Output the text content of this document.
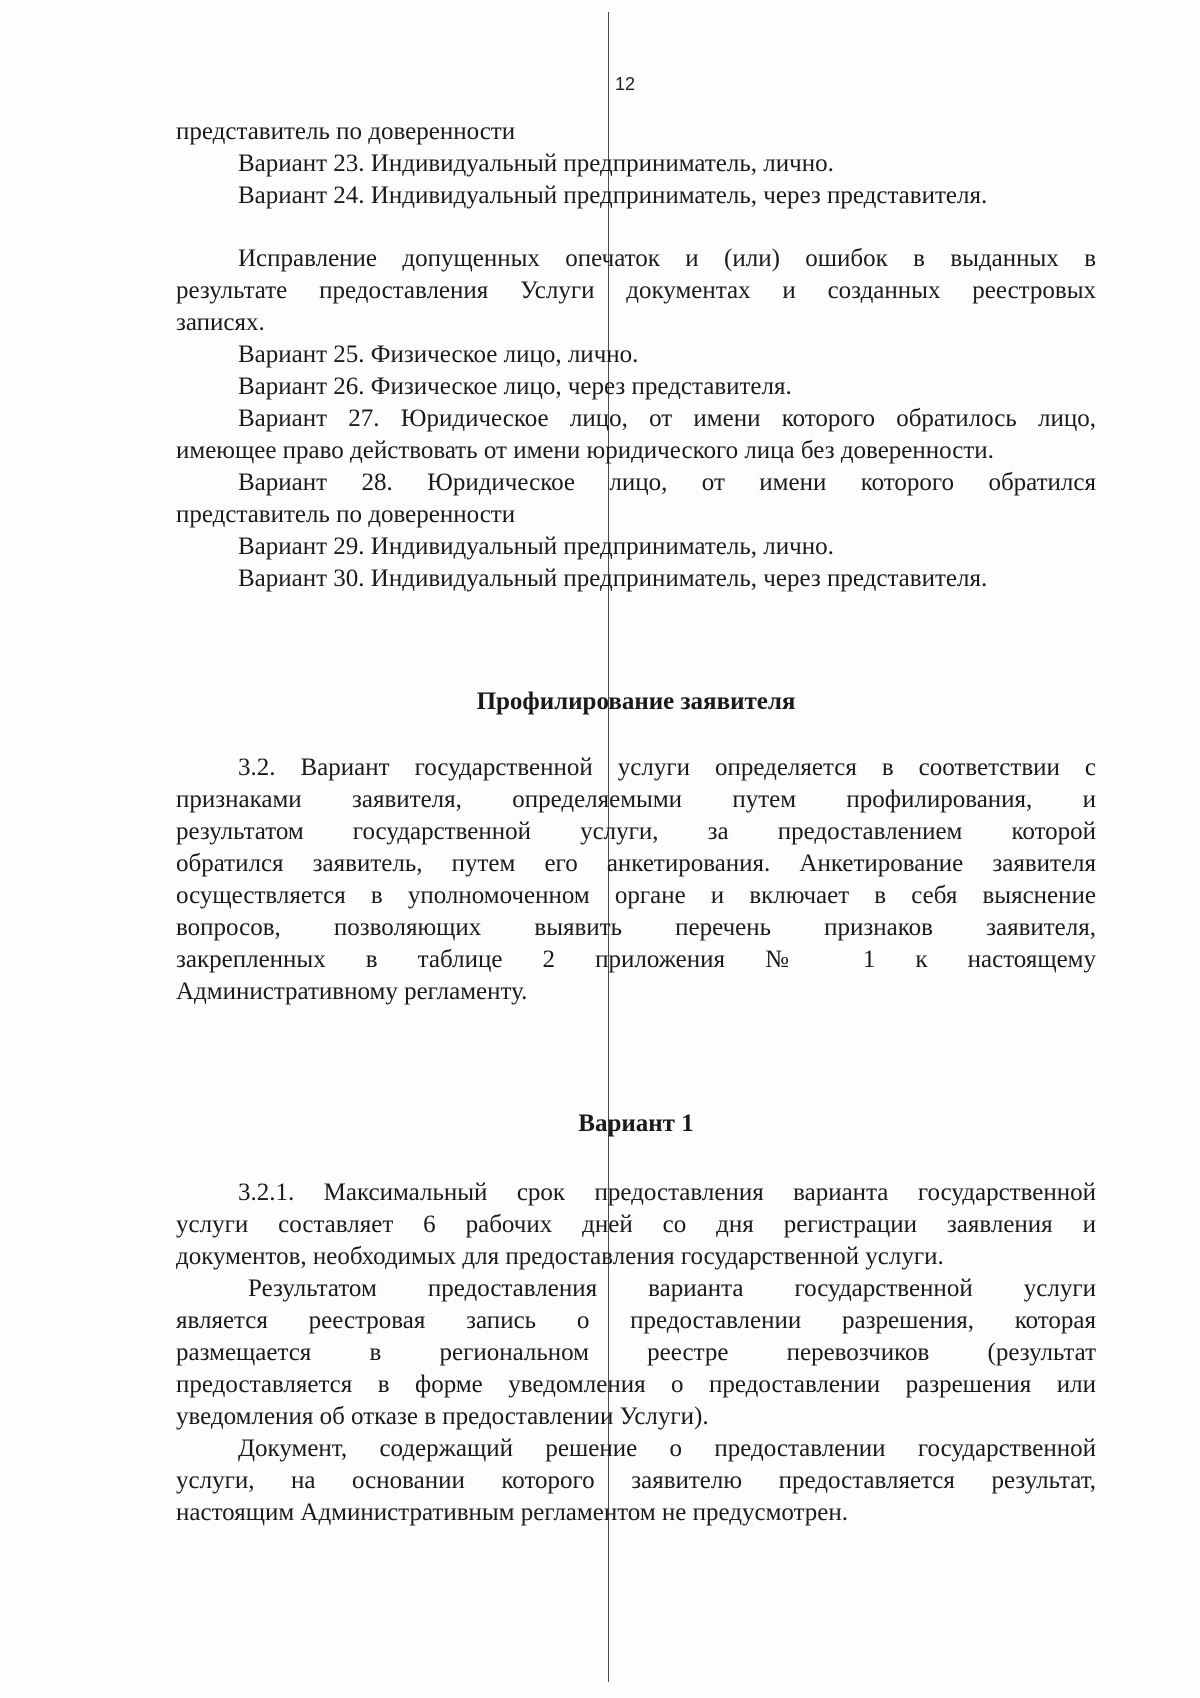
12
представитель по доверенности
Вариант 23. Индивидуальный предприниматель, лично.
Вариант 24. Индивидуальный предприниматель, через представителя.
Исправление допущенных опечаток и (или) ошибок в выданных в
результате предоставления Услуги документах и созданных реестровых
записях.
Вариант 25. Физическое лицо, лично.
Вариант 26. Физическое лицо, через представителя.
Вариант 27. Юридическое лицо, от имени которого обратилось лицо,
имеющее право действовать от имени юридического лица без доверенности.
Вариант 28. Юридическое лицо, от имени которого обратился
представитель по доверенности
Вариант 29. Индивидуальный предприниматель, лично.
Вариант 30. Индивидуальный предприниматель, через представителя.
Профилирование заявителя
3.2. Вариант государственной услуги определяется в соответствии с
признаками заявителя, определяемыми путем профилирования, и
результатом государственной услуги, за предоставлением которой
обратился заявитель, путем его анкетирования. Анкетирование заявителя
осуществляется в уполномоченном органе и включает в себя выяснение
вопросов, позволяющих выявить перечень признаков заявителя,
закрепленных в таблице 2 приложения № 1 к настоящему
Административному регламенту.
Вариант 1
3.2.1. Максимальный срок предоставления варианта государственной
услуги составляет 6 рабочих дней со дня регистрации заявления и
документов, необходимых для предоставления государственной услуги.
Результатом предоставления варианта государственной услуги
является реестровая запись о предоставлении разрешения, которая
размещается в региональном реестре перевозчиков (результат
предоставляется в форме уведомления о предоставлении разрешения или
уведомления об отказе в предоставлении Услуги).
Документ, содержащий решение о предоставлении государственной
услуги, на основании которого заявителю предоставляется результат,
настоящим Административным регламентом не предусмотрен.
